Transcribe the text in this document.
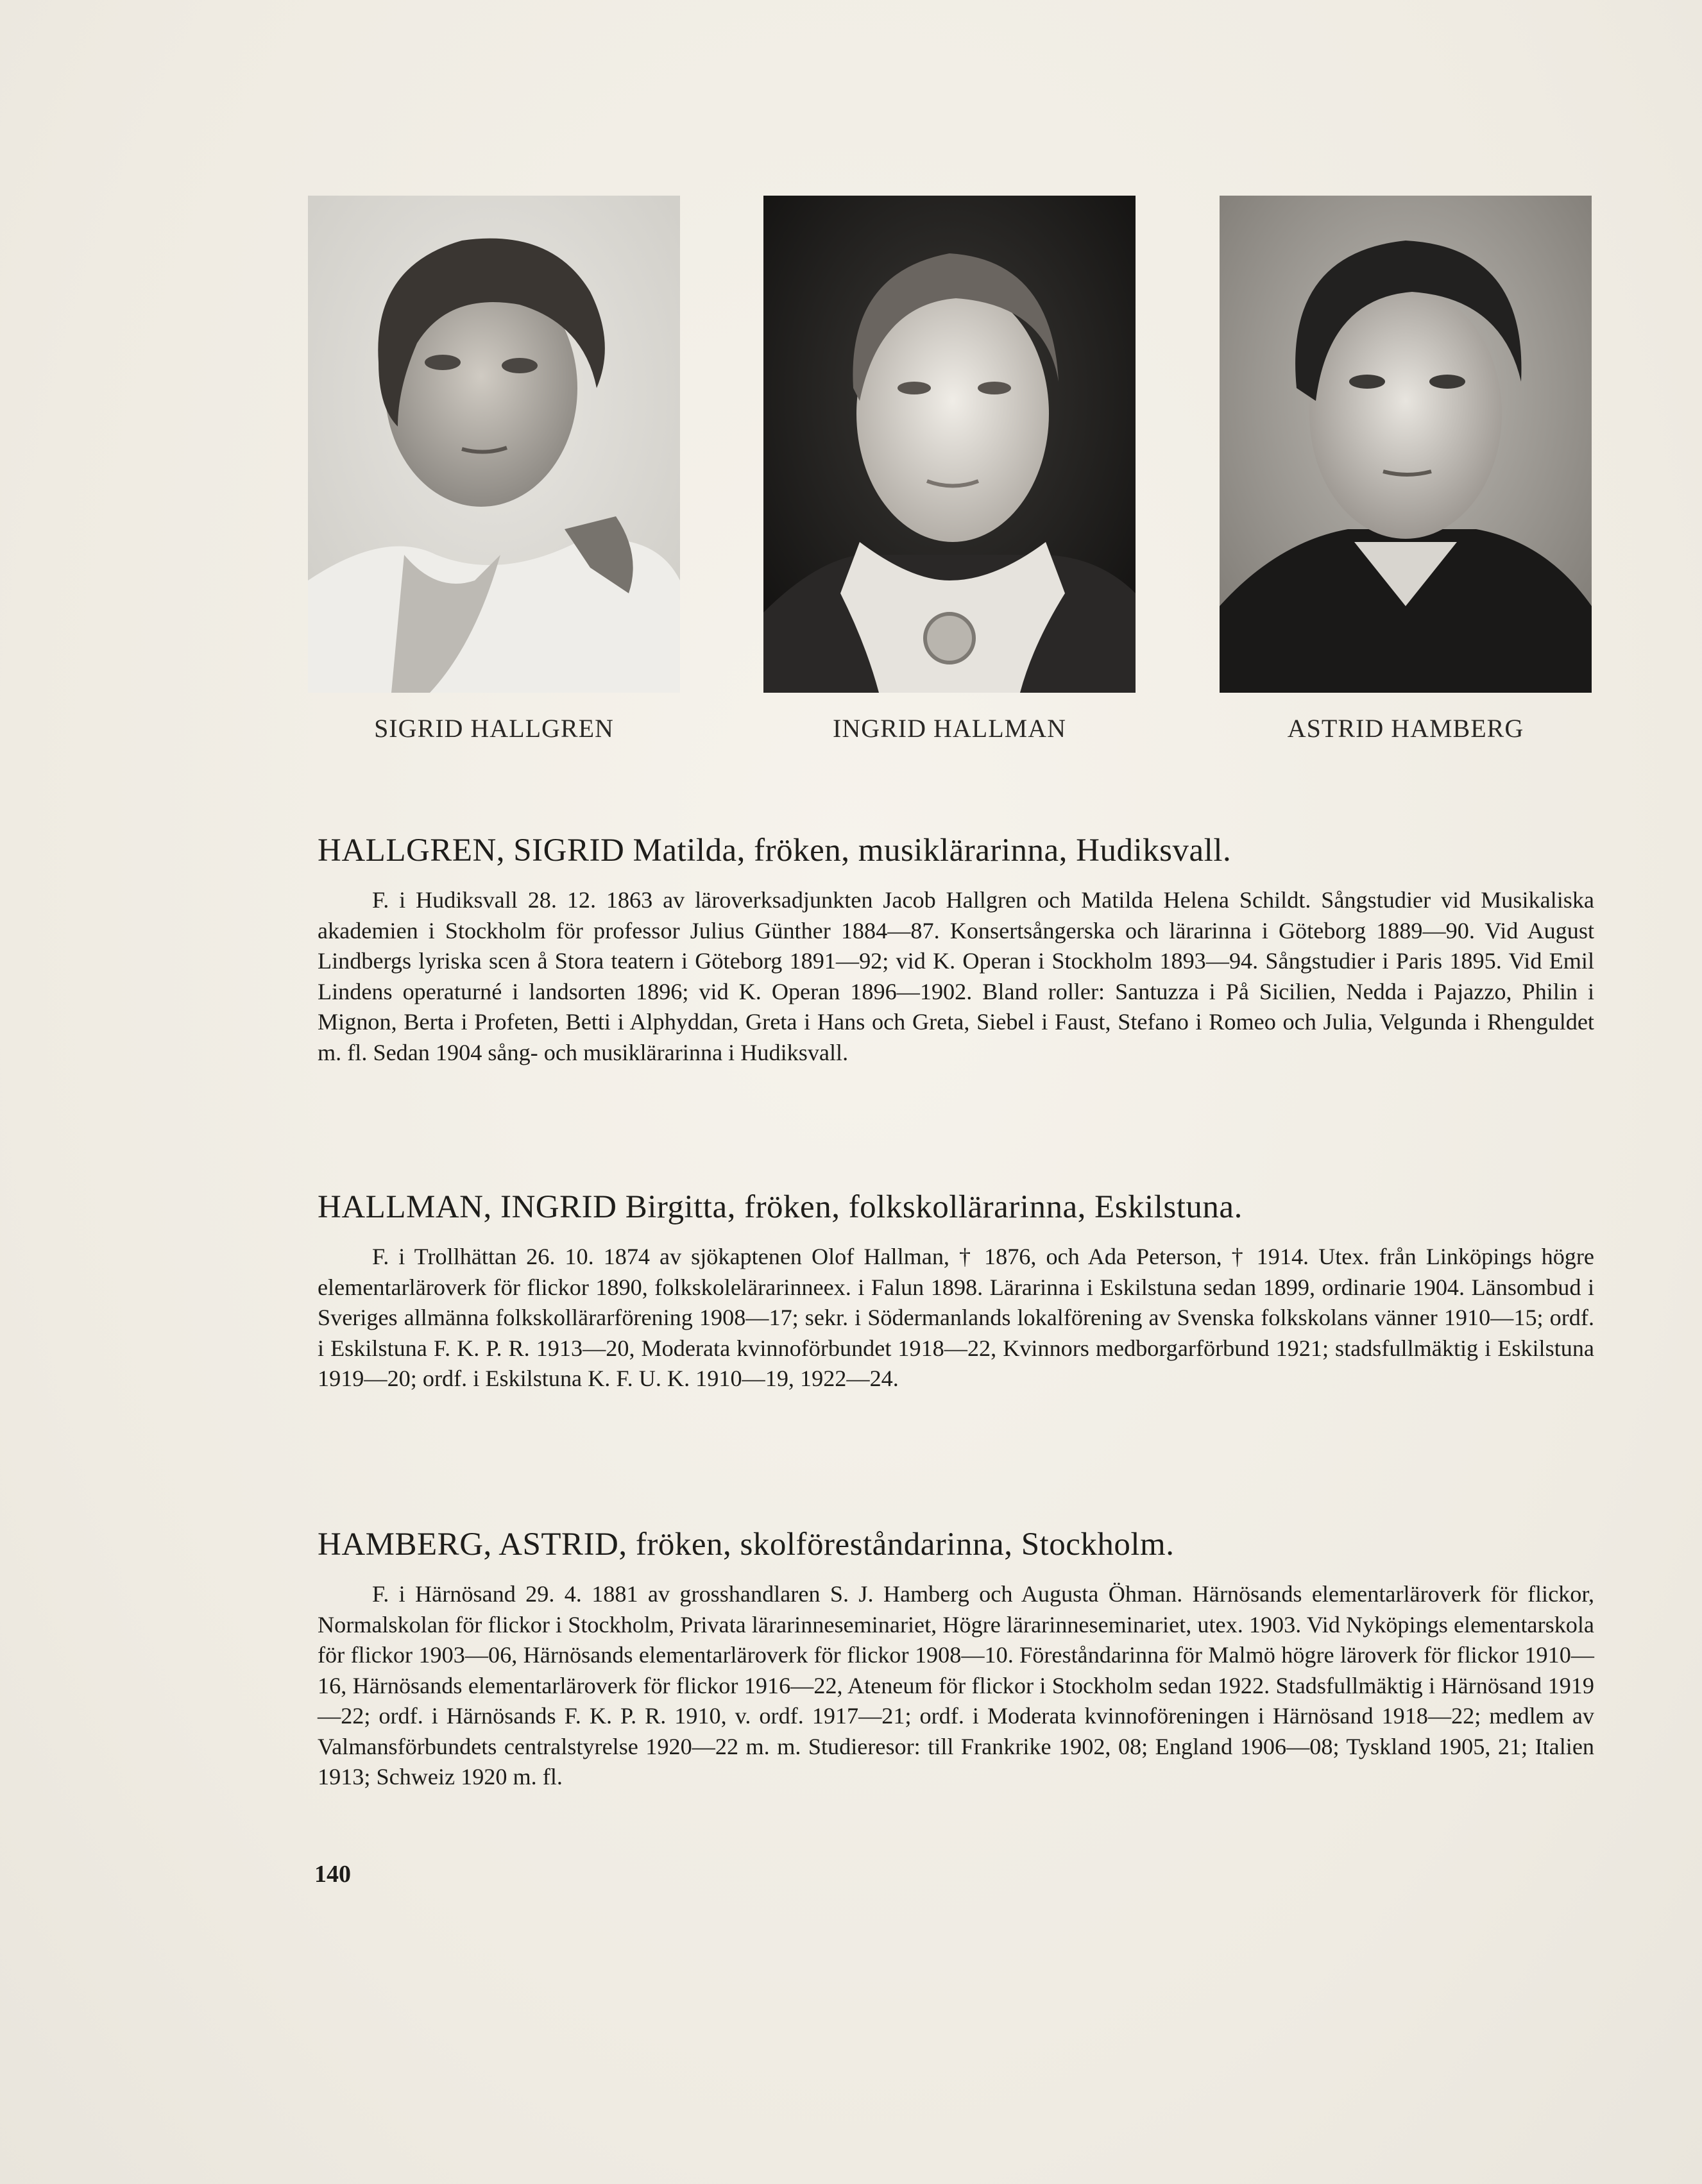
SIGRID HALLGREN	INGRID HALLMAN	ASTRID HAMBERG
HALLGREN, SIGRID Matilda, fröken, musiklärarinna, Hudiksvall.

F. i Hudiksvall 28. 12. 1863 av läroverksadjunkten Jacob Hallgren och Matilda Helena Schildt. Sångstudier vid Musikaliska akademien i Stockholm för professor Julius Günther 1884—87. Konsertsångerska och lärarinna i Göteborg 1889—90. Vid August Lindbergs lyriska scen å Stora teatern i Göteborg 1891—92; vid K. Operan i Stockholm 1893—94. Sångstudier i Paris 1895. Vid Emil Lindens operaturné i landsorten 1896; vid K. Operan 1896—1902. Bland roller: Santuzza i På Sicilien, Nedda i Pajazzo, Philin i Mignon, Berta i Profeten, Betti i Alphyddan, Greta i Hans och Greta, Siebel i Faust, Stefano i Romeo och Julia, Velgunda i Rhenguldet m. fl. Sedan 1904 sång- och musiklärarinna i Hudiksvall.

HALLMAN, INGRID Birgitta, fröken, folkskollärarinna, Eskilstuna.

F. i Trollhättan 26. 10. 1874 av sjökaptenen Olof Hallman, † 1876, och Ada Peterson, † 1914. Utex. från Linköpings högre elementarläroverk för flickor 1890, folkskolelärarinneex. i Falun 1898. Lärarinna i Eskilstuna sedan 1899, ordinarie 1904. Länsombud i Sveriges allmänna folkskollärarförening 1908—17; sekr. i Södermanlands lokalförening av Svenska folkskolans vänner 1910—15; ordf. i Eskilstuna F. K. P. R. 1913—20, Moderata kvinnoförbundet 1918—22, Kvinnors medborgarförbund 1921; stadsfullmäktig i Eskilstuna 1919—20; ordf. i Eskilstuna K. F. U. K. 1910—19, 1922—24.

HAMBERG, ASTRID, fröken, skolföreståndarinna, Stockholm.

F. i Härnösand 29. 4. 1881 av grosshandlaren S. J. Hamberg och Augusta Öhman. Härnösands elementarläroverk för flickor, Normalskolan för flickor i Stockholm, Privata lärarinneseminariet, Högre lärarinneseminariet, utex. 1903. Vid Nyköpings elementarskola för flickor 1903—06, Härnösands elementarläroverk för flickor 1908—10. Föreståndarinna för Malmö högre läroverk för flickor 1910—16, Härnösands elementarläroverk för flickor 1916—22, Ateneum för flickor i Stockholm sedan 1922. Stadsfullmäktig i Härnösand 1919—22; ordf. i Härnösands F. K. P. R. 1910, v. ordf. 1917—21; ordf. i Moderata kvinnoföreningen i Härnösand 1918—22; medlem av Valmansförbundets centralstyrelse 1920—22 m. m. Studieresor: till Frankrike 1902, 08; England 1906—08; Tyskland 1905, 21; Italien 1913; Schweiz 1920 m. fl.

140
